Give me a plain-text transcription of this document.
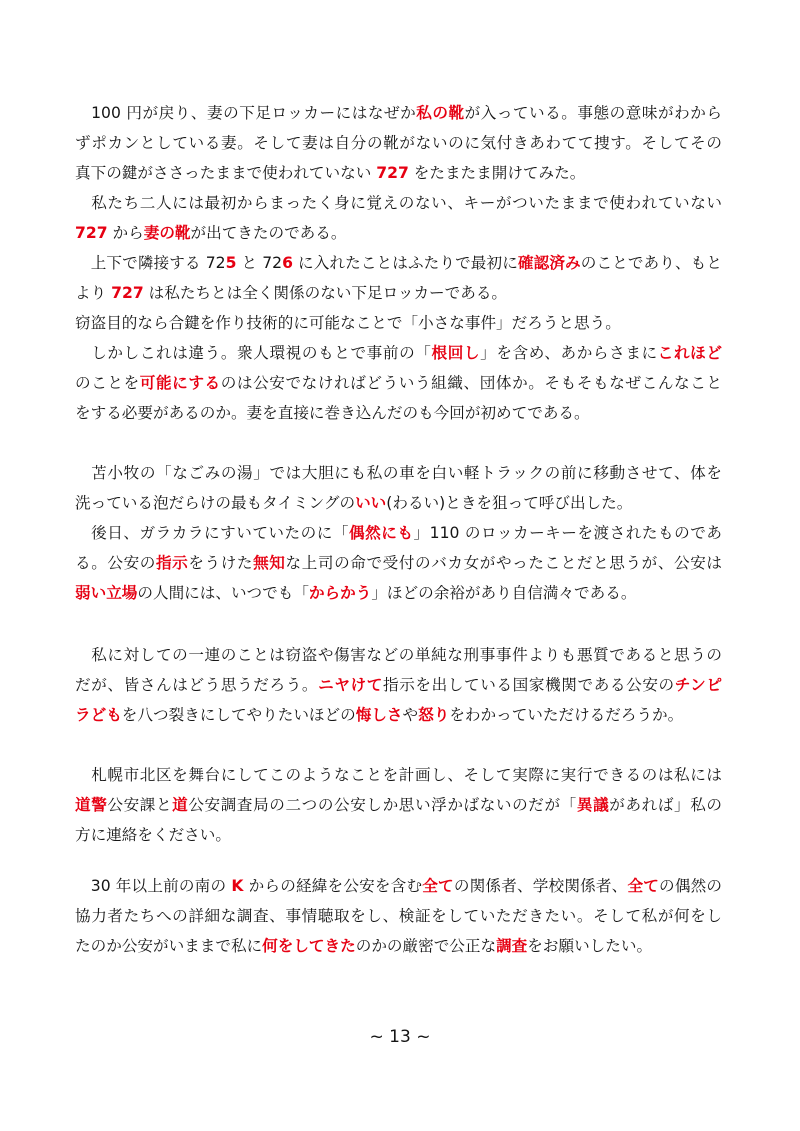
　100 円が戻り、妻の下足ロッカーにはなぜか私の靴が入っている。事態の意味がわから
ずポカンとしている妻。そして妻は自分の靴がないのに気付きあわてて捜す。そしてその
真下の鍵がささったままで使われていない 727 をたまたま開けてみた。
　私たち二人には最初からまったく身に覚えのない、キーがついたままで使われていない
727 から妻の靴が出てきたのである。
　上下で隣接する 725 と 726 に入れたことはふたりで最初に確認済みのことであり、もと
より 727 は私たちとは全く関係のない下足ロッカーである。
窃盗目的なら合鍵を作り技術的に可能なことで「小さな事件」だろうと思う。
　しかしこれは違う。衆人環視のもとで事前の「根回し」を含め、あからさまにこれほど
のことを可能にするのは公安でなければどういう組織、団体か。そもそもなぜこんなこと
をする必要があるのか。妻を直接に巻き込んだのも今回が初めてである。
　苫小牧の「なごみの湯」では大胆にも私の車を白い軽トラックの前に移動させて、体を
洗っている泡だらけの最もタイミングのいい(わるい)ときを狙って呼び出した。
　後日、ガラカラにすいていたのに「偶然にも」110 のロッカーキーを渡されたものであ
る。公安の指示をうけた無知な上司の命で受付のバカ女がやったことだと思うが、公安は
弱い立場の人間には、いつでも「からかう」ほどの余裕があり自信満々である。
　私に対しての一連のことは窃盗や傷害などの単純な刑事事件よりも悪質であると思うの
だが、皆さんはどう思うだろう。ニヤけて指示を出している国家機関である公安のチンピ
ラどもを八つ裂きにしてやりたいほどの悔しさや怒りをわかっていただけるだろうか。
　札幌市北区を舞台にしてこのようなことを計画し、そして実際に実行できるのは私には
道警公安課と道公安調査局の二つの公安しか思い浮かばないのだが「異議があれば」私の
方に連絡をください。
　30 年以上前の南の K からの経緯を公安を含む全ての関係者、学校関係者、全ての偶然の
協力者たちへの詳細な調査、事情聴取をし、検証をしていただきたい。そして私が何をし
たのか公安がいままで私に何をしてきたのかの厳密で公正な調査をお願いしたい。
~ 13 ~
